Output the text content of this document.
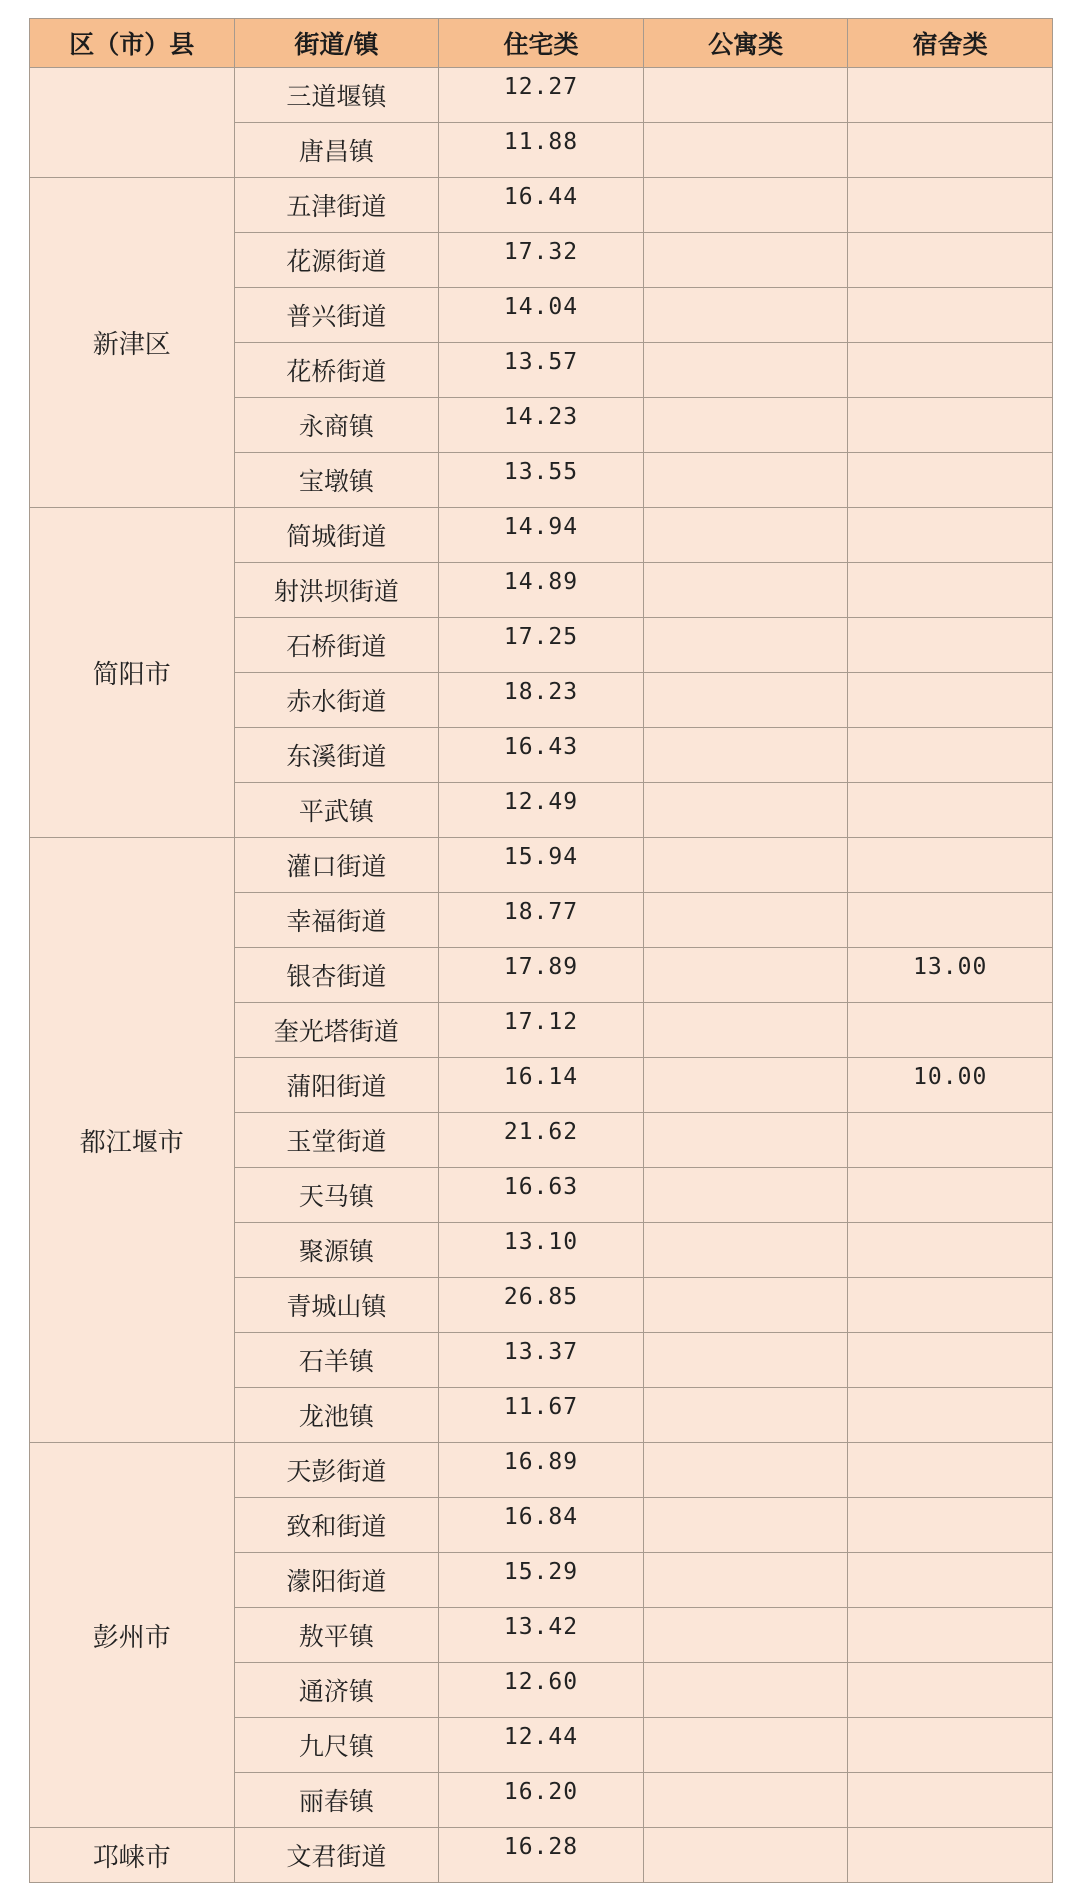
区（市）县	街道/镇	住宅类	公寓类	宿舍类
	三道堰镇	12.27		
	唐昌镇	11.88		
新津区	五津街道	16.44		
	花源街道	17.32		
	普兴街道	14.04		
	花桥街道	13.57		
	永商镇	14.23		
	宝墩镇	13.55		
简阳市	简城街道	14.94		
	射洪坝街道	14.89		
	石桥街道	17.25		
	赤水街道	18.23		
	东溪街道	16.43		
	平武镇	12.49		
都江堰市	灌口街道	15.94		
	幸福街道	18.77		
	银杏街道	17.89		13.00
	奎光塔街道	17.12		
	蒲阳街道	16.14		10.00
	玉堂街道	21.62		
	天马镇	16.63		
	聚源镇	13.10		
	青城山镇	26.85		
	石羊镇	13.37		
	龙池镇	11.67		
彭州市	天彭街道	16.89		
	致和街道	16.84		
	濛阳街道	15.29		
	敖平镇	13.42		
	通济镇	12.60		
	九尺镇	12.44		
	丽春镇	16.20		
邛崃市	文君街道	16.28		
